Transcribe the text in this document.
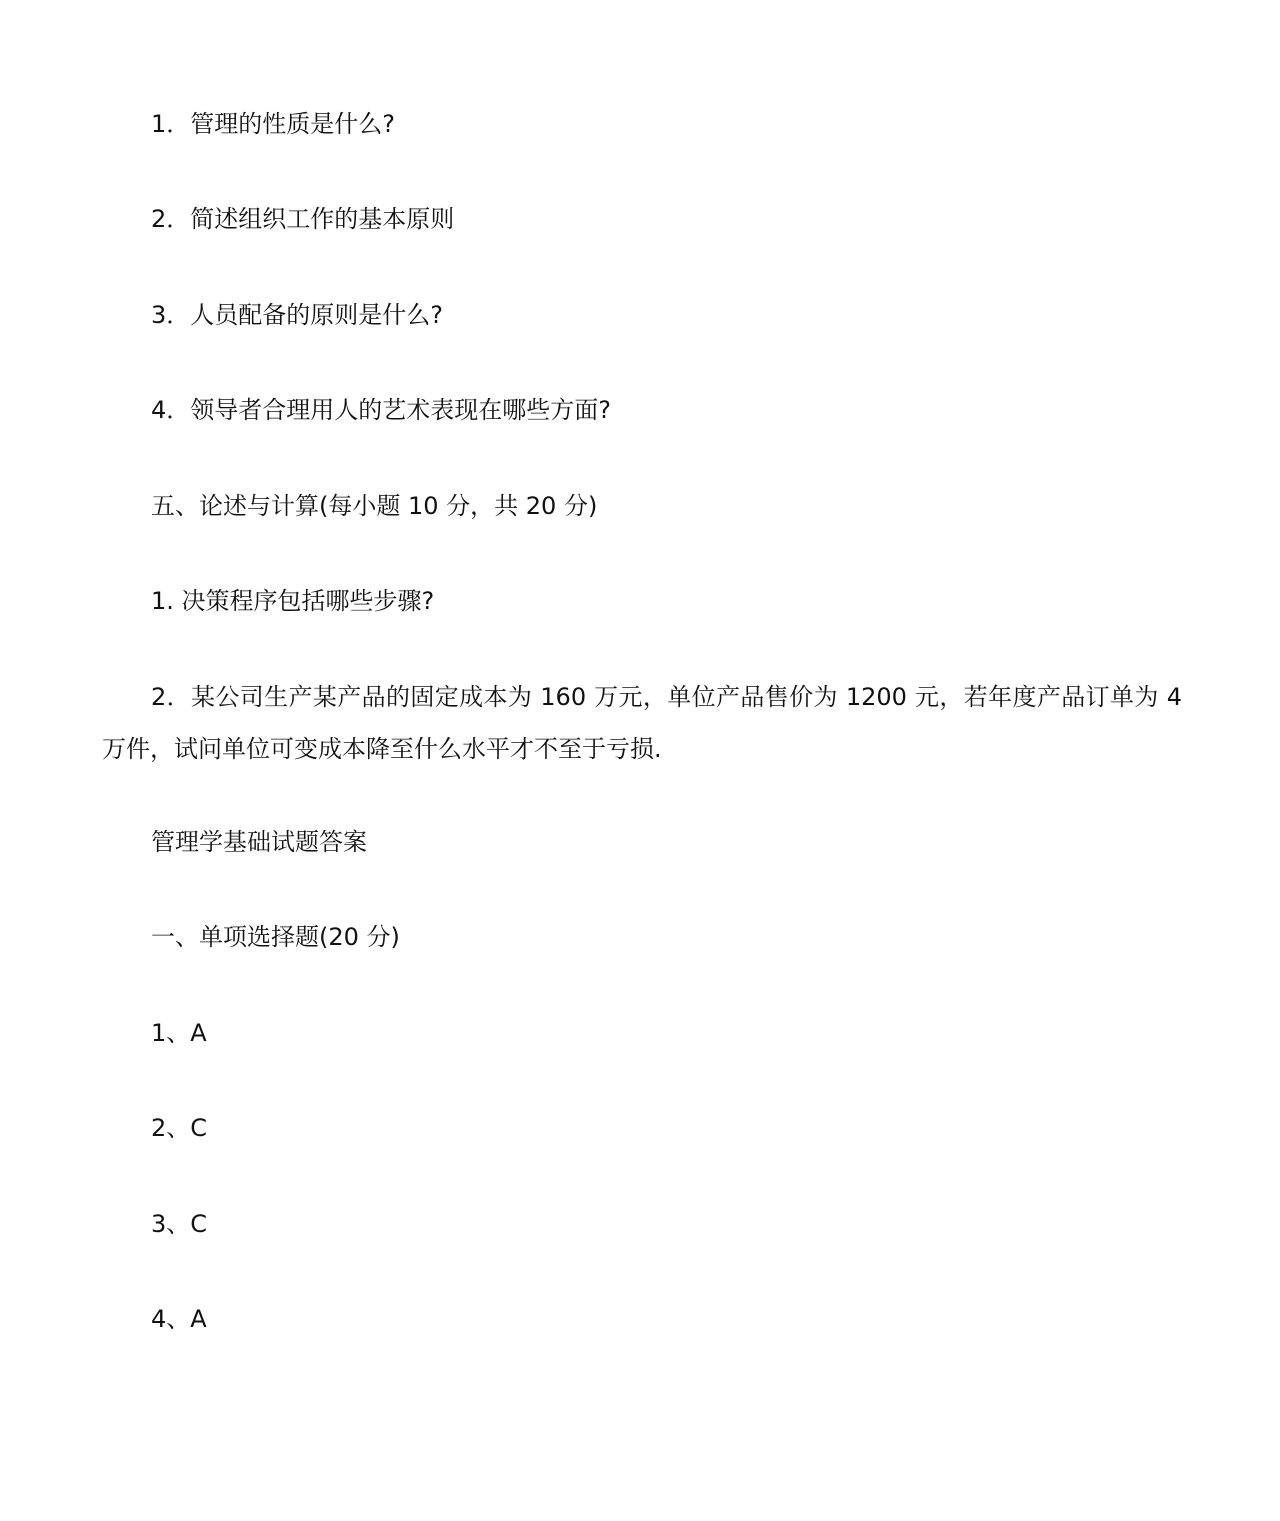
1．管理的性质是什么?
2．简述组织工作的基本原则
3．人员配备的原则是什么?
4．领导者合理用人的艺术表现在哪些方面?
五、论述与计算(每小题 10 分，共 20 分)
1. 决策程序包括哪些步骤?
2．某公司生产某产品的固定成本为 160 万元，单位产品售价为 1200 元，若年度产品订单为 4 万件，试问单位可变成本降至什么水平才不至于亏损.
管理学基础试题答案
一、单项选择题(20 分)
1、A
2、C
3、C
4、A
